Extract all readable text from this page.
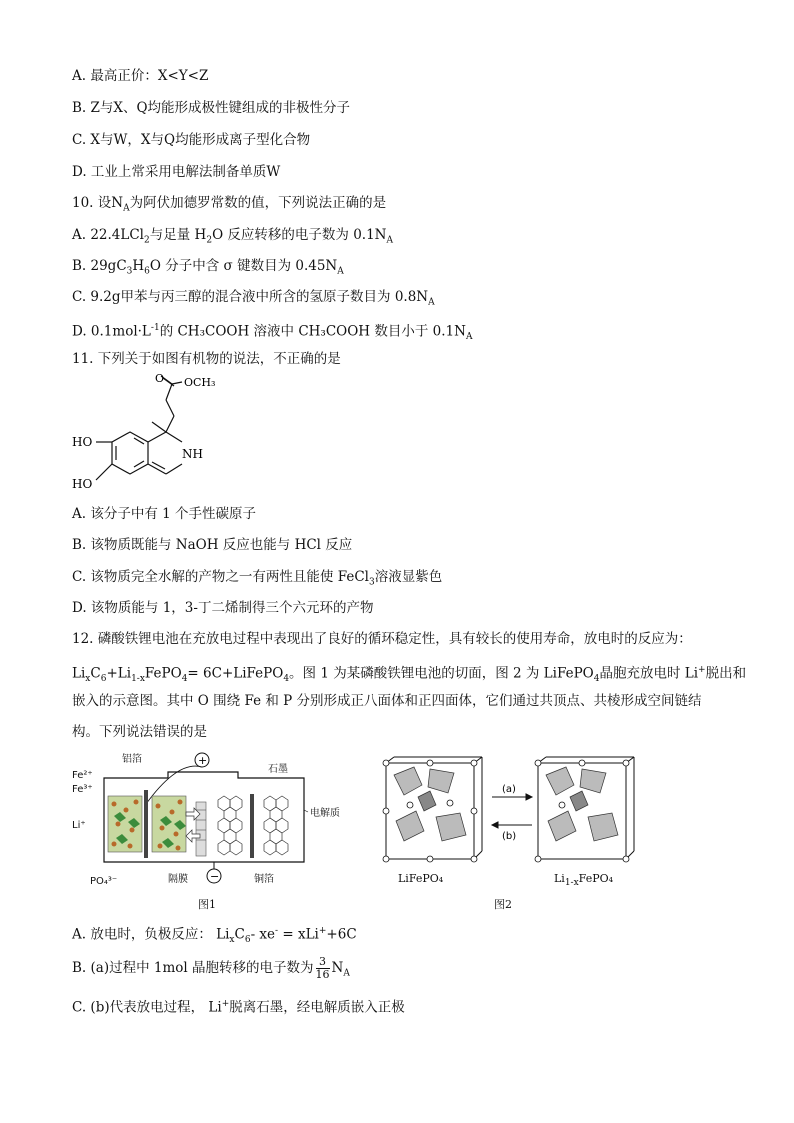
A. 最高正价：X<Y<Z
B. Z与X、Q均能形成极性键组成的非极性分子
C. X与W，X与Q均能形成离子型化合物
D. 工业上常采用电解法制备单质W
10. 设$N_A$为阿伏加德罗常数的值，下列说法正确的是
A. 22.4LCl$_2$与足量 $H_2O$ 反应转移的电子数为 $0.1N_A$
B. $29gC_3H_6O$ 分子中含 σ 键数目为 $0.45N_A$
C. 9.2g甲苯与丙三醇的混合液中所含的氢原子数目为 $0.8N_A$
D. $0.1mol\cdot L^{-1}$的 CH₃COOH 溶液中 CH₃COOH 数目小于 $0.1N_A$
11. 下列关于如图有机物的说法，不正确的是
O OCH₃
HO
HO
NH
A. 该分子中有 1 个手性碳原子
B. 该物质既能与 NaOH 反应也能与 HCl 反应
C. 该物质完全水解的产物之一有两性且能使 FeCl$_3$溶液显紫色
D. 该物质能与 1，3-丁二烯制得三个六元环的产物
12. 磷酸铁锂电池在充放电过程中表现出了良好的循环稳定性，具有较长的使用寿命，放电时的反应为：
$Li_xC_6+Li_{1-x}FePO_4=$ 6C+LiFePO$_4$。图 1 为某磷酸铁锂电池的切面，图 2 为 LiFePO$_4$晶胞充放电时 Li+脱出和
嵌入的示意图。其中 O 围绕 Fe 和 P 分别形成正八面体和正四面体，它们通过共顶点、共棱形成空间链结
构。下列说法错误的是
铝箔
石墨
Fe²⁺
Fe³⁺
Li⁺
电解质
PO₄³⁻	隔膜	铜箔
+
−
图1
(a)
(b)
LiFePO₄	$Li_{1-x}FePO_4$
图2
A. 放电时，负极反应： $Li_xC_6-$ xe- = xLi++6C
B. (a)过程中 1mol 晶胞转移的电子数为 $\frac{3}{16} N_A$
C. (b)代表放电过程， Li+脱离石墨，经电解质嵌入正极
